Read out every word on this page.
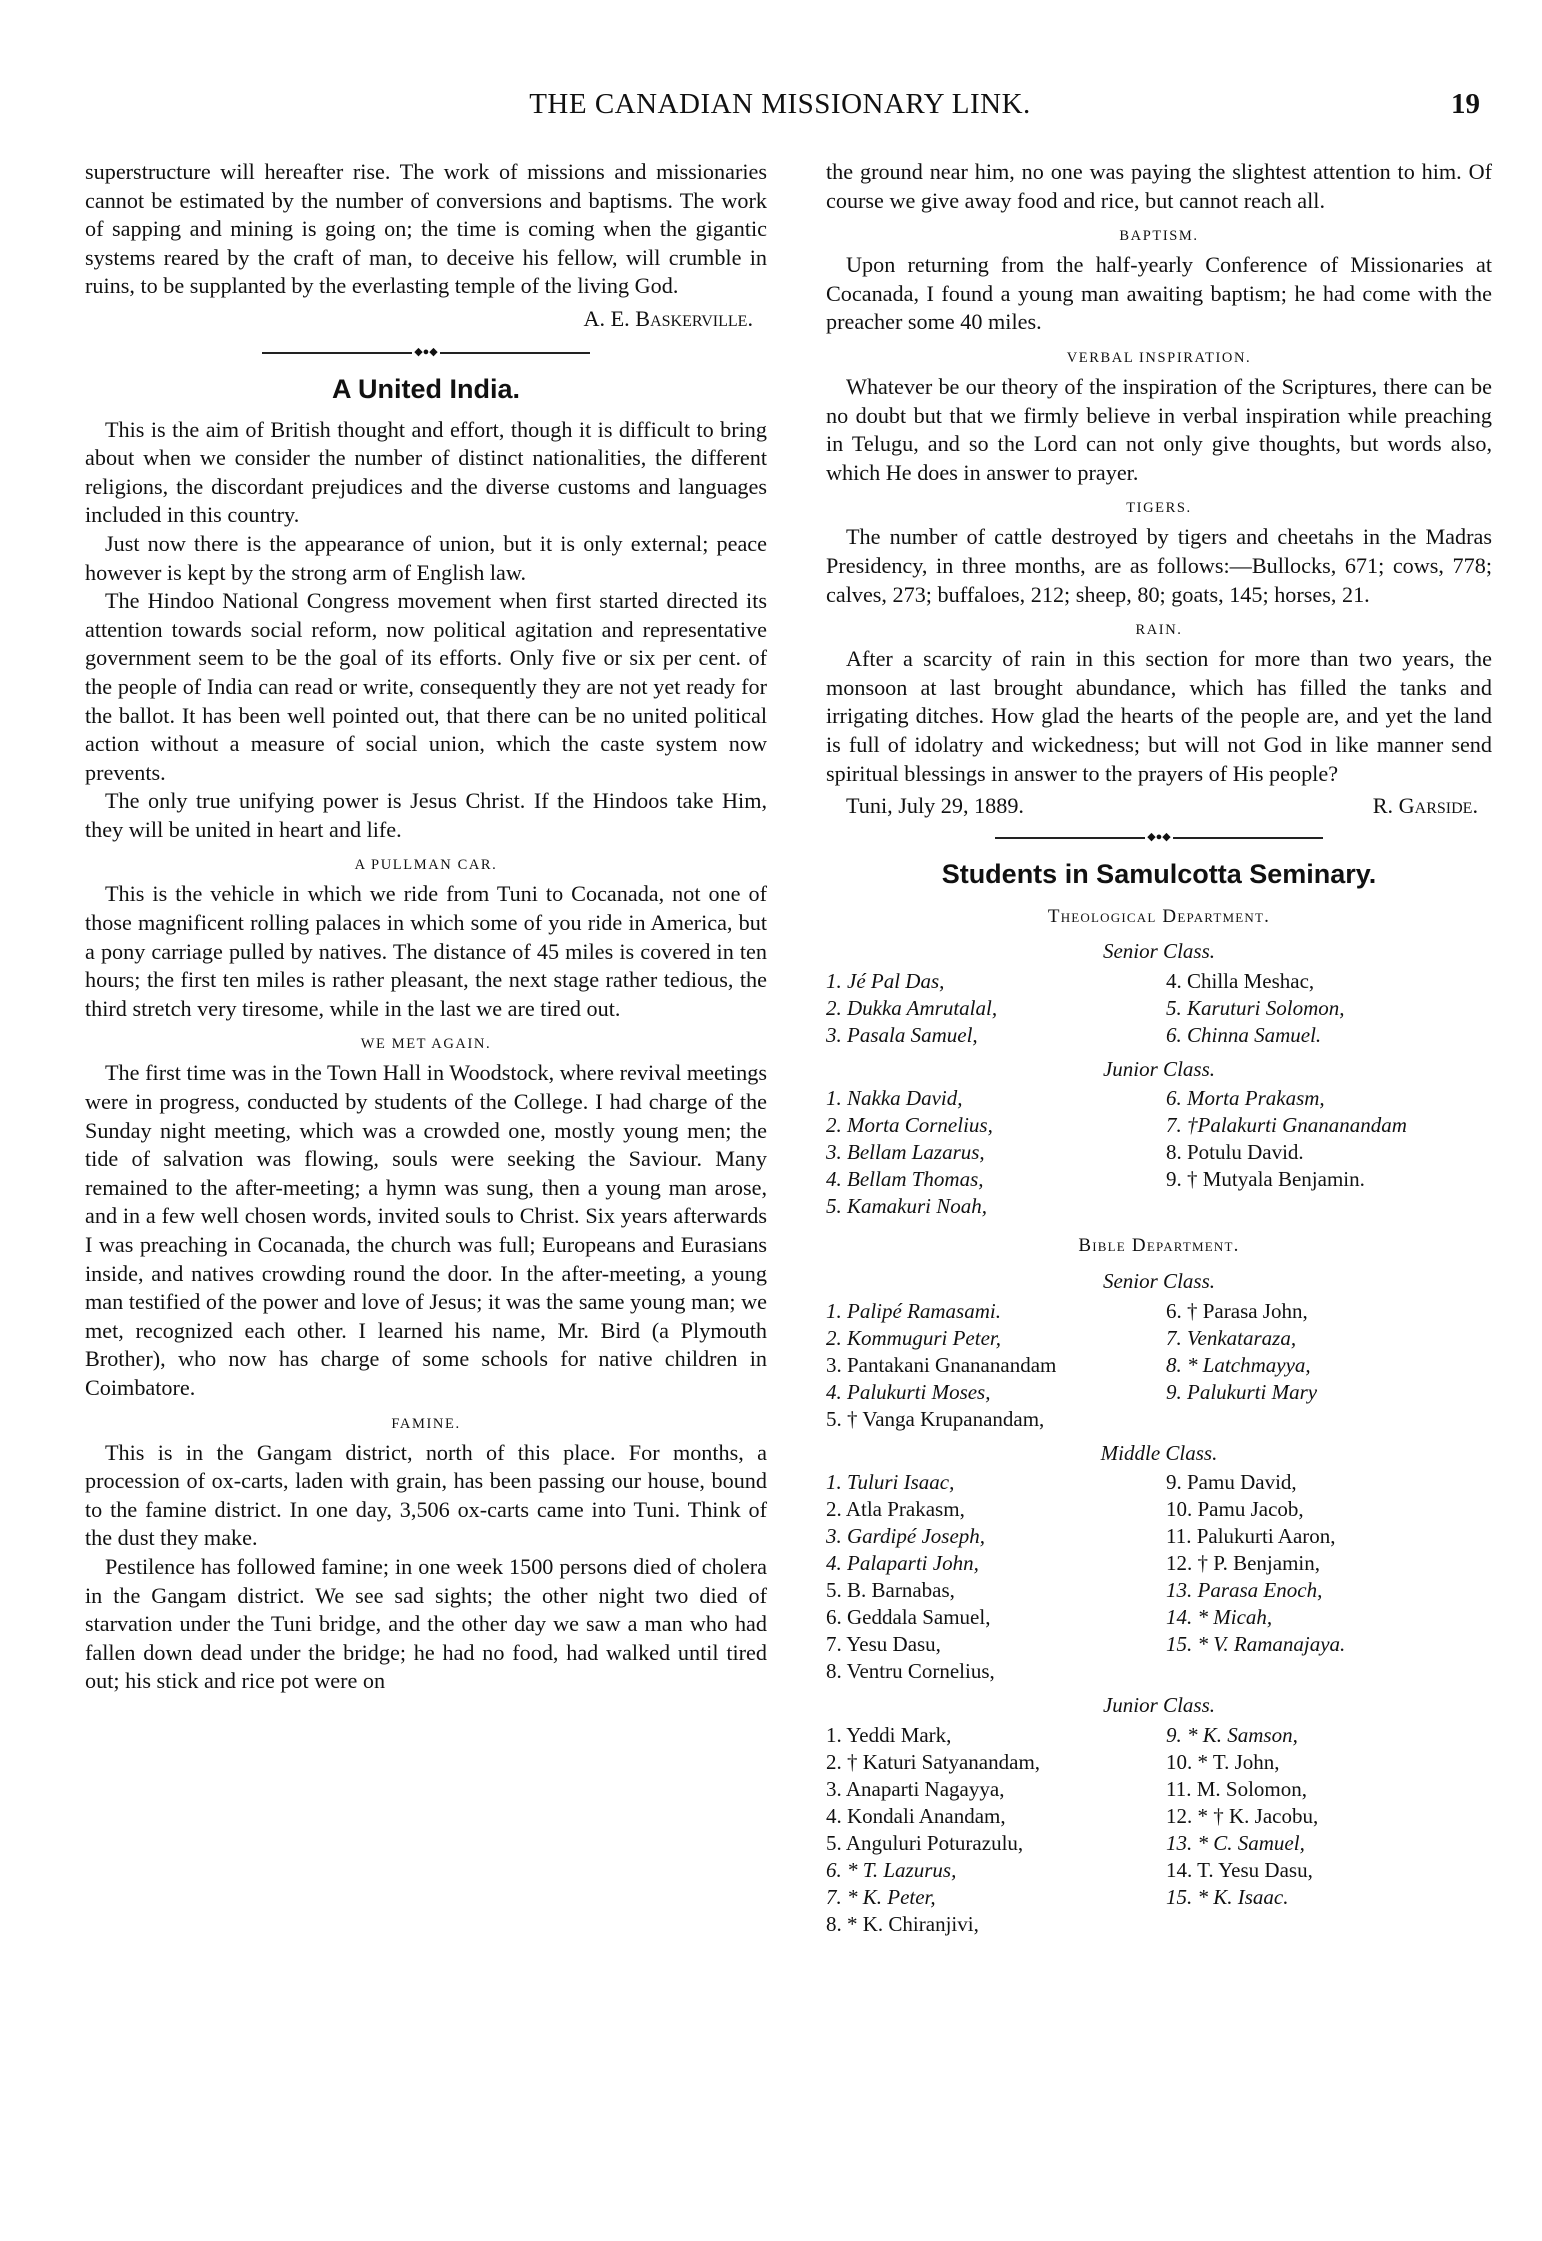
THE CANADIAN MISSIONARY LINK.	19

superstructure will hereafter rise. The work of missions and missionaries cannot be estimated by the number of conversions and baptisms. The work of sapping and mining is going on; the time is coming when the gigantic systems reared by the craft of man, to deceive his fellow, will crumble in ruins, to be supplanted by the everlasting temple of the living God.

A. E. Baskerville.
◆●◆
A United India.

This is the aim of British thought and effort, though it is difficult to bring about when we consider the number of distinct nationalities, the different religions, the discordant prejudices and the diverse customs and languages included in this country.

Just now there is the appearance of union, but it is only external; peace however is kept by the strong arm of English law.

The Hindoo National Congress movement when first started directed its attention towards social reform, now political agitation and representative government seem to be the goal of its efforts. Only five or six per cent. of the people of India can read or write, consequently they are not yet ready for the ballot. It has been well pointed out, that there can be no united political action without a measure of social union, which the caste system now prevents.

The only true unifying power is Jesus Christ. If the Hindoos take Him, they will be united in heart and life.

A PULLMAN CAR.

This is the vehicle in which we ride from Tuni to Cocanada, not one of those magnificent rolling palaces in which some of you ride in America, but a pony carriage pulled by natives. The distance of 45 miles is covered in ten hours; the first ten miles is rather pleasant, the next stage rather tedious, the third stretch very tiresome, while in the last we are tired out.

WE MET AGAIN.

The first time was in the Town Hall in Woodstock, where revival meetings were in progress, conducted by students of the College. I had charge of the Sunday night meeting, which was a crowded one, mostly young men; the tide of salvation was flowing, souls were seeking the Saviour. Many remained to the after-meeting; a hymn was sung, then a young man arose, and in a few well chosen words, invited souls to Christ. Six years afterwards I was preaching in Cocanada, the church was full; Europeans and Eurasians inside, and natives crowding round the door. In the after-meeting, a young man testified of the power and love of Jesus; it was the same young man; we met, recognized each other. I learned his name, Mr. Bird (a Plymouth Brother), who now has charge of some schools for native children in Coimbatore.

FAMINE.

This is in the Gangam district, north of this place. For months, a procession of ox-carts, laden with grain, has been passing our house, bound to the famine district. In one day, 3,506 ox-carts came into Tuni. Think of the dust they make.

Pestilence has followed famine; in one week 1500 persons died of cholera in the Gangam district. We see sad sights; the other night two died of starvation under the Tuni bridge, and the other day we saw a man who had fallen down dead under the bridge; he had no food, had walked until tired out; his stick and rice pot were on

the ground near him, no one was paying the slightest attention to him. Of course we give away food and rice, but cannot reach all.

BAPTISM.

Upon returning from the half-yearly Conference of Missionaries at Cocanada, I found a young man awaiting baptism; he had come with the preacher some 40 miles.

VERBAL INSPIRATION.

Whatever be our theory of the inspiration of the Scriptures, there can be no doubt but that we firmly believe in verbal inspiration while preaching in Telugu, and so the Lord can not only give thoughts, but words also, which He does in answer to prayer.

TIGERS.

The number of cattle destroyed by tigers and cheetahs in the Madras Presidency, in three months, are as follows:—Bullocks, 671; cows, 778; calves, 273; buffaloes, 212; sheep, 80; goats, 145; horses, 21.

RAIN.

After a scarcity of rain in this section for more than two years, the monsoon at last brought abundance, which has filled the tanks and irrigating ditches. How glad the hearts of the people are, and yet the land is full of idolatry and wickedness; but will not God in like manner send spiritual blessings in answer to the prayers of His people?

Tuni, July 29, 1889.	R. Garside.
◆●◆
Students in Samulcotta Seminary.
Theological Department.
Senior Class.
1. Jé Pal Das,	4. Chilla Meshac,
2. Dukka Amrutalal,	5. Karuturi Solomon,
3. Pasala Samuel,	6. Chinna Samuel.
Junior Class.
1. Nakka David,	6. Morta Prakasm,
2. Morta Cornelius,	7. †Palakurti Gnananandam
3. Bellam Lazarus,	8. Potulu David.
4. Bellam Thomas,	9. † Mutyala Benjamin.
5. Kamakuri Noah,
Bible Department.
Senior Class.
1. Palipé Ramasami.	6. † Parasa John,
2. Kommuguri Peter,	7. Venkataraza,
3. Pantakani Gnananandam	8. * Latchmayya,
4. Palukurti Moses,	9. Palukurti Mary
5. † Vanga Krupanandam,
Middle Class.
1. Tuluri Isaac,	9. Pamu David,
2. Atla Prakasm,	10. Pamu Jacob,
3. Gardipé Joseph,	11. Palukurti Aaron,
4. Palaparti John,	12. † P. Benjamin,
5. B. Barnabas,	13. Parasa Enoch,
6. Geddala Samuel,	14. * Micah,
7. Yesu Dasu,	15. * V. Ramanajaya.
8. Ventru Cornelius,
Junior Class.
1. Yeddi Mark,	9. * K. Samson,
2. † Katuri Satyanandam,	10. * T. John,
3. Anaparti Nagayya,	11. M. Solomon,
4. Kondali Anandam,	12. * † K. Jacobu,
5. Anguluri Poturazulu,	13. * C. Samuel,
6. * T. Lazurus,	14. T. Yesu Dasu,
7. * K. Peter,	15. * K. Isaac.
8. * K. Chiranjivi,
